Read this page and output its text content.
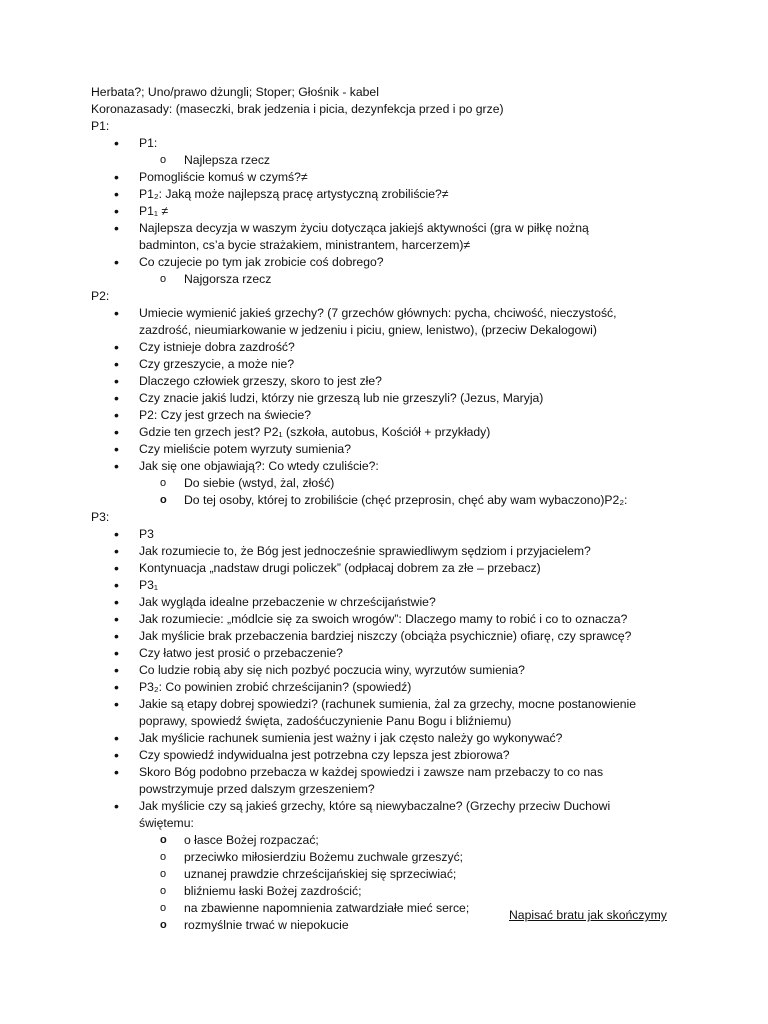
Herbata?; Uno/prawo dżungli; Stoper; Głośnik - kabel

Koronazasady: (maseczki, brak jedzenia i picia, dezynfekcja przed i po grze)

P1:

• P1:
o Najlepsza rzecz
• Pomogliście komuś w czymś?≠
• P1₂: Jaką może najlepszą pracę artystyczną zrobiliście?≠
• P1₁ ≠
• Najlepsza decyzja w waszym życiu dotycząca jakiejś aktywności (gra w piłkę nożną badminton, cs’a bycie strażakiem, ministrantem, harcerzem)≠
• Co czujecie po tym jak zrobicie coś dobrego?
o Najgorsza rzecz

P2:

• Umiecie wymienić jakieś grzechy? (7 grzechów głównych: pycha, chciwość, nieczystość, zazdrość, nieumiarkowanie w jedzeniu i piciu, gniew, lenistwo), (przeciw Dekalogowi)
• Czy istnieje dobra zazdrość?
• Czy grzeszycie, a może nie?
• Dlaczego człowiek grzeszy, skoro to jest złe?
• Czy znacie jakiś ludzi, którzy nie grzeszą lub nie grzeszyli? (Jezus, Maryja)
• P2: Czy jest grzech na świecie?
• Gdzie ten grzech jest? P2₁ (szkoła, autobus, Kościół + przykłady)
• Czy mieliście potem wyrzuty sumienia?
• Jak się one objawiają?: Co wtedy czuliście?:
o Do siebie (wstyd, żal, złość)
o Do tej osoby, której to zrobiliście (chęć przeprosin, chęć aby wam wybaczono)P2₂:

P3:

• P3
• Jak rozumiecie to, że Bóg jest jednocześnie sprawiedliwym sędziom i przyjacielem?
• Kontynuacja „nadstaw drugi policzek” (odpłacaj dobrem za złe – przebacz)
• P3₁
• Jak wygląda idealne przebaczenie w chrześcijaństwie?
• Jak rozumiecie: „módlcie się za swoich wrogów”: Dlaczego mamy to robić i co to oznacza?
• Jak myślicie brak przebaczenia bardziej niszczy (obciąża psychicznie) ofiarę, czy sprawcę?
• Czy łatwo jest prosić o przebaczenie?
• Co ludzie robią aby się nich pozbyć poczucia winy, wyrzutów sumienia?
• P3₂: Co powinien zrobić chrześcijanin? (spowiedź)
• Jakie są etapy dobrej spowiedzi? (rachunek sumienia, żal za grzechy, mocne postanowienie poprawy, spowiedź święta, zadośćuczynienie Panu Bogu i bliźniemu)
• Jak myślicie rachunek sumienia jest ważny i jak często należy go wykonywać?
• Czy spowiedź indywidualna jest potrzebna czy lepsza jest zbiorowa?
• Skoro Bóg podobno przebacza w każdej spowiedzi i zawsze nam przebaczy to co nas powstrzymuje przed dalszym grzeszeniem?
• Jak myślicie czy są jakieś grzechy, które są niewybaczalne? (Grzechy przeciw Duchowi świętemu:
o o łasce Bożej rozpaczać;
o przeciwko miłosierdziu Bożemu zuchwale grzeszyć;
o uznanej prawdzie chrześcijańskiej się sprzeciwiać;
o bliźniemu łaski Bożej zazdrościć;
o na zbawienne napomnienia zatwardziałe mieć serce;
o rozmyślnie trwać w niepokucie
Napisać bratu jak skończymy
